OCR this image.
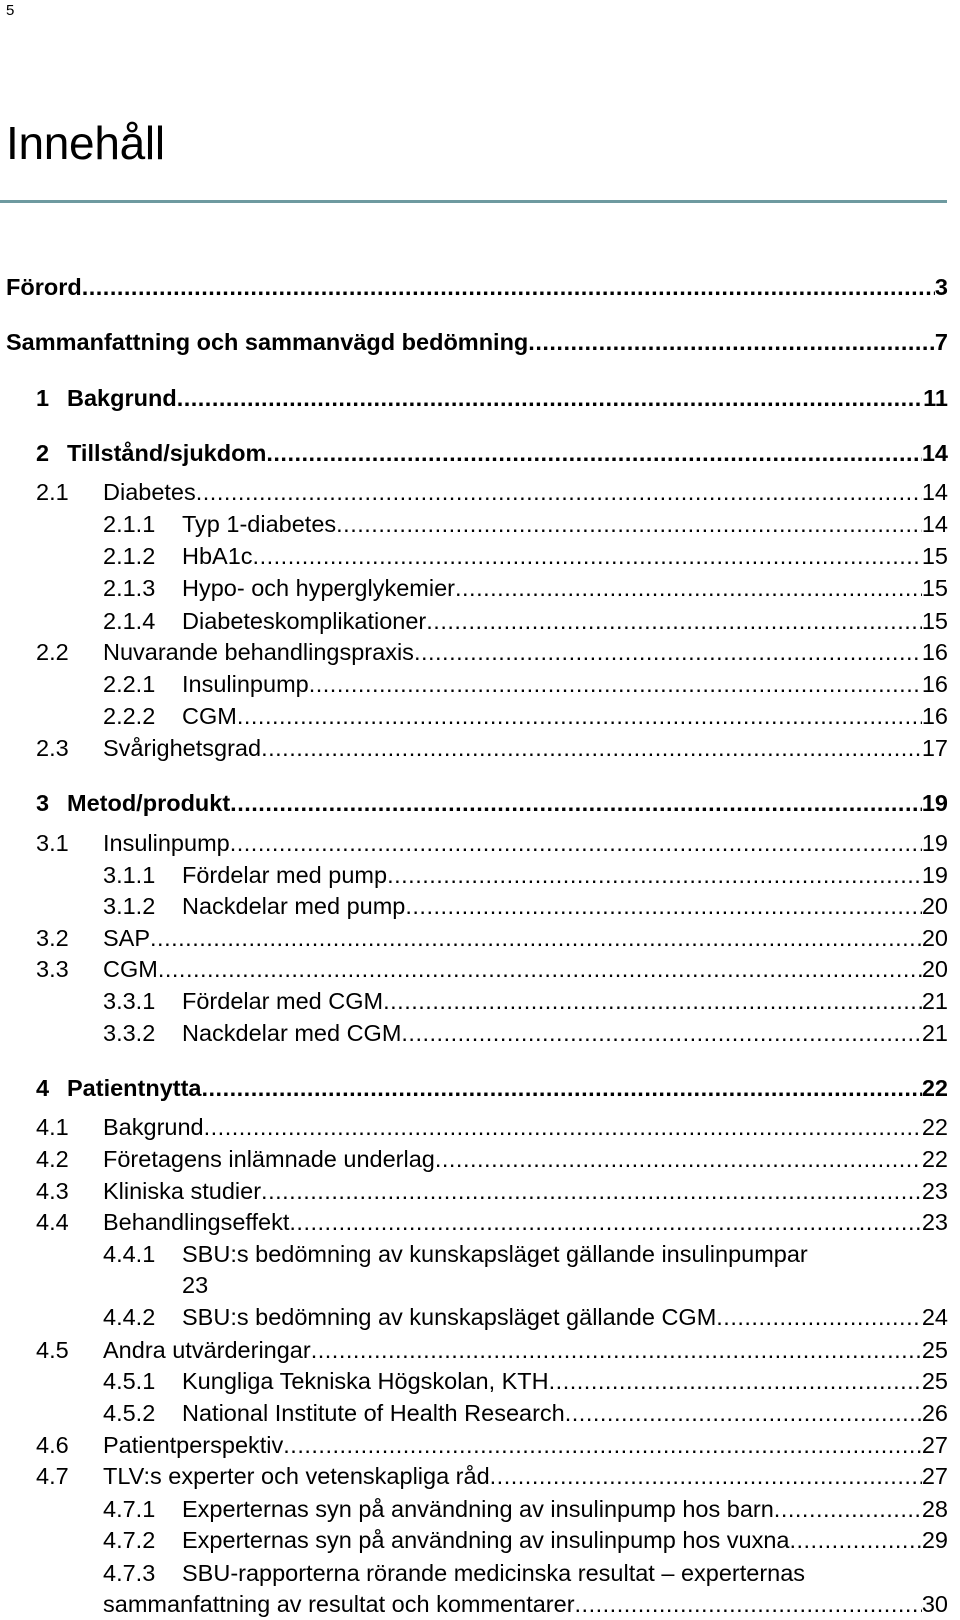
5
Innehåll
Förord .....	3
Sammanfattning och sammanvägd bedömning .....	7
1 Bakgrund .....	11
2 Tillstånd/sjukdom .....	14
2.1 Diabetes .....	14
2.1.1 Typ 1-diabetes .....	14
2.1.2 HbA1c .....	15
2.1.3 Hypo- och hyperglykemier .....	15
2.1.4 Diabeteskomplikationer .....	15
2.2 Nuvarande behandlingspraxis .....	16
2.2.1 Insulinpump .....	16
2.2.2 CGM .....	16
2.3 Svårighetsgrad .....	17
3 Metod/produkt .....	19
3.1 Insulinpump .....	19
3.1.1 Fördelar med pump .....	19
3.1.2 Nackdelar med pump .....	20
3.2 SAP .....	20
3.3 CGM .....	20
3.3.1 Fördelar med CGM .....	21
3.3.2 Nackdelar med CGM .....	21
4 Patientnytta .....	22
4.1 Bakgrund .....	22
4.2 Företagens inlämnade underlag .....	22
4.3 Kliniska studier .....	23
4.4 Behandlingseffekt .....	23
4.4.1 SBU:s bedömning av kunskapsläget gällande insulinpumpar
23
4.4.2 SBU:s bedömning av kunskapsläget gällande CGM .....	24
4.5 Andra utvärderingar .....	25
4.5.1 Kungliga Tekniska Högskolan, KTH .....	25
4.5.2 National Institute of Health Research .....	26
4.6 Patientperspektiv .....	27
4.7 TLV:s experter och vetenskapliga råd .....	27
4.7.1 Experternas syn på användning av insulinpump hos barn .....	28
4.7.2 Experternas syn på användning av insulinpump hos vuxna .....	29
4.7.3 SBU-rapporterna rörande medicinska resultat – experternas
sammanfattning av resultat och kommentarer .....	30
